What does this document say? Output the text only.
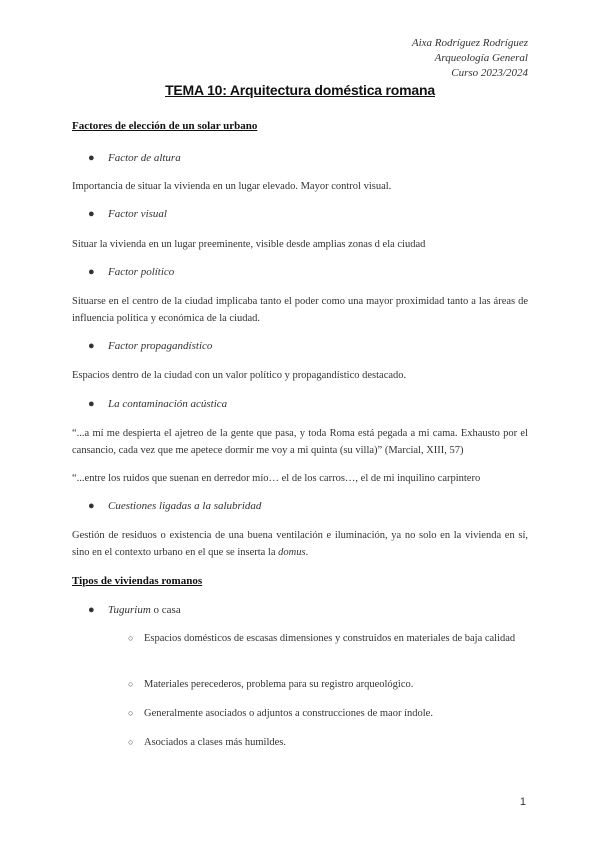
Aixa Rodríguez Rodríguez
Arqueología General
Curso 2023/2024
TEMA 10: Arquitectura doméstica romana
Factores de elección de un solar urbano
● Factor de altura
Importancia de situar la vivienda en un lugar elevado. Mayor control visual.
● Factor visual
Situar la vivienda en un lugar preeminente, visible desde amplias zonas d ela ciudad
● Factor político
Situarse en el centro de la ciudad implicaba tanto el poder como una mayor proximidad tanto a las áreas de influencia política y económica de la ciudad.
● Factor propagandístico
Espacios dentro de la ciudad con un valor político y propagandístico destacado.
● La contaminación acústica
“...a mí me despierta el ajetreo de la gente que pasa, y toda Roma está pegada a mi cama. Exhausto por el cansancio, cada vez que me apetece dormir me voy a mi quinta (su villa)” (Marcial, XIII, 57)
“...entre los ruidos que suenan en derredor mío… el de los carros…, el de mi inquilino carpintero
● Cuestiones ligadas a la salubridad
Gestión de residuos o existencia de una buena ventilación e iluminación, ya no solo en la vivienda en sí, sino en el contexto urbano en el que se inserta la domus.
Tipos de viviendas romanos
● Tugurium o casa
○	Espacios domésticos de escasas dimensiones y construidos en materiales de baja calidad
○	Materiales perecederos, problema para su registro arqueológico.
○	Generalmente asociados o adjuntos a construcciones de maor índole.
○	Asociados a clases más humildes.
1
